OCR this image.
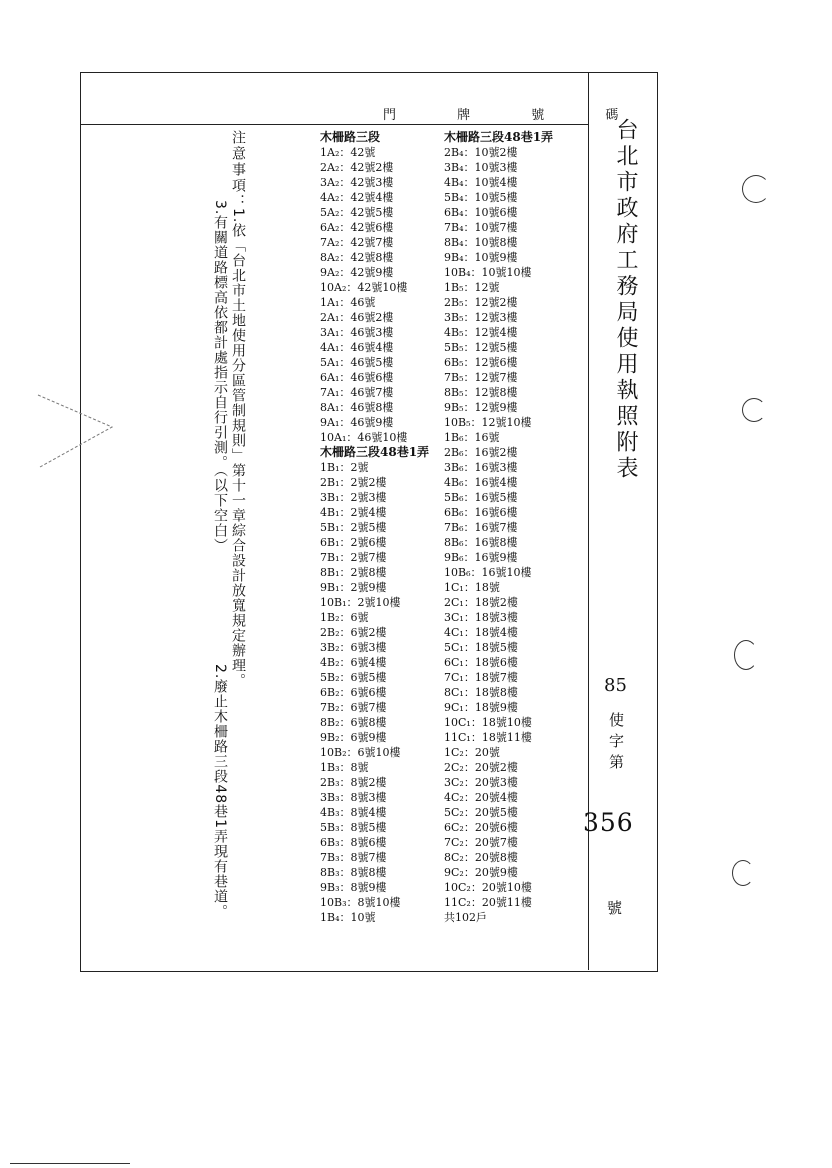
門	牌	號	碼
台北市政府工務局使用執照附表
85
使字第
356
號
注意事項：
1.依「台北市土地使用分區管制規則」第十一章綜合設計放寬規定辦理。
2.廢止木柵路三段48巷1弄現有巷道。
3.有關道路標高依都計處指示自行引測。（以下空白）
木柵路三段
1A₂：42號
2A₂：42號2樓
3A₂：42號3樓
4A₂：42號4樓
5A₂：42號5樓
6A₂：42號6樓
7A₂：42號7樓
8A₂：42號8樓
9A₂：42號9樓
10A₂：42號10樓
1A₁：46號
2A₁：46號2樓
3A₁：46號3樓
4A₁：46號4樓
5A₁：46號5樓
6A₁：46號6樓
7A₁：46號7樓
8A₁：46號8樓
9A₁：46號9樓
10A₁：46號10樓
木柵路三段48巷1弄
1B₁：2號
2B₁：2號2樓
3B₁：2號3樓
4B₁：2號4樓
5B₁：2號5樓
6B₁：2號6樓
7B₁：2號7樓
8B₁：2號8樓
9B₁：2號9樓
10B₁：2號10樓
1B₂：6號
2B₂：6號2樓
3B₂：6號3樓
4B₂：6號4樓
5B₂：6號5樓
6B₂：6號6樓
7B₂：6號7樓
8B₂：6號8樓
9B₂：6號9樓
10B₂：6號10樓
1B₃：8號
2B₃：8號2樓
3B₃：8號3樓
4B₃：8號4樓
5B₃：8號5樓
6B₃：8號6樓
7B₃：8號7樓
8B₃：8號8樓
9B₃：8號9樓
10B₃：8號10樓
1B₄：10號
木柵路三段48巷1弄
2B₄：10號2樓
3B₄：10號3樓
4B₄：10號4樓
5B₄：10號5樓
6B₄：10號6樓
7B₄：10號7樓
8B₄：10號8樓
9B₄：10號9樓
10B₄：10號10樓
1B₅：12號
2B₅：12號2樓
3B₅：12號3樓
4B₅：12號4樓
5B₅：12號5樓
6B₅：12號6樓
7B₅：12號7樓
8B₅：12號8樓
9B₅：12號9樓
10B₅：12號10樓
1B₆：16號
2B₆：16號2樓
3B₆：16號3樓
4B₆：16號4樓
5B₆：16號5樓
6B₆：16號6樓
7B₆：16號7樓
8B₆：16號8樓
9B₆：16號9樓
10B₆：16號10樓
1C₁：18號
2C₁：18號2樓
3C₁：18號3樓
4C₁：18號4樓
5C₁：18號5樓
6C₁：18號6樓
7C₁：18號7樓
8C₁：18號8樓
9C₁：18號9樓
10C₁：18號10樓
11C₁：18號11樓
1C₂：20號
2C₂：20號2樓
3C₂：20號3樓
4C₂：20號4樓
5C₂：20號5樓
6C₂：20號6樓
7C₂：20號7樓
8C₂：20號8樓
9C₂：20號9樓
10C₂：20號10樓
11C₂：20號11樓
共102戶
